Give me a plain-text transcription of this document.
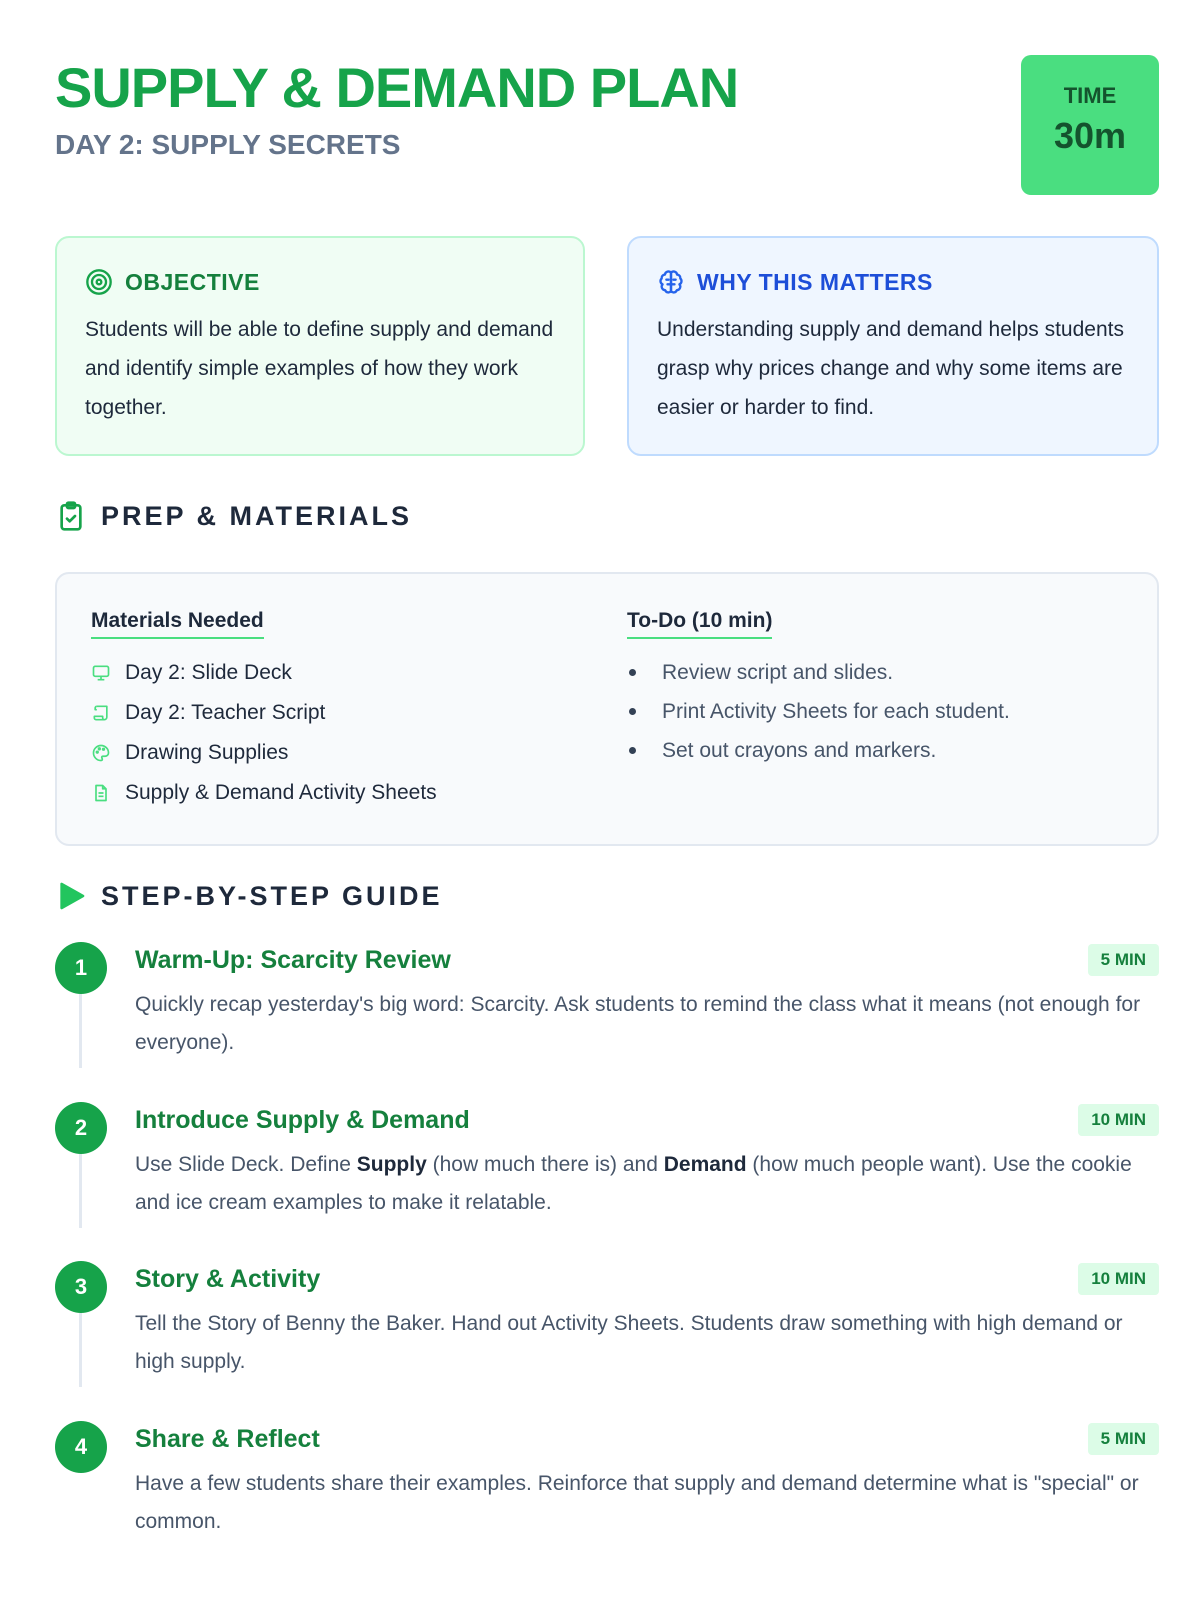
SUPPLY & DEMAND PLAN
DAY 2: SUPPLY SECRETS
TIME
30m
OBJECTIVE

Students will be able to define supply and demand and identify simple examples of how they work together.

WHY THIS MATTERS

Understanding supply and demand helps students grasp why prices change and why some items are easier or harder to find.

PREP & MATERIALS
Materials Needed
Day 2: Slide Deck
Day 2: Teacher Script
Drawing Supplies
Supply & Demand Activity Sheets
To-Do (10 min)
Review script and slides.
Print Activity Sheets for each student.
Set out crayons and markers.
STEP-BY-STEP GUIDE
1	Warm-Up: Scarcity Review	5 MIN

Quickly recap yesterday's big word: Scarcity. Ask students to remind the class what it means (not enough for everyone).

2	Introduce Supply & Demand	10 MIN

Use Slide Deck. Define Supply (how much there is) and Demand (how much people want). Use the cookie and ice cream examples to make it relatable.

3	Story & Activity	10 MIN

Tell the Story of Benny the Baker. Hand out Activity Sheets. Students draw something with high demand or high supply.

4	Share & Reflect	5 MIN

Have a few students share their examples. Reinforce that supply and demand determine what is "special" or common.
